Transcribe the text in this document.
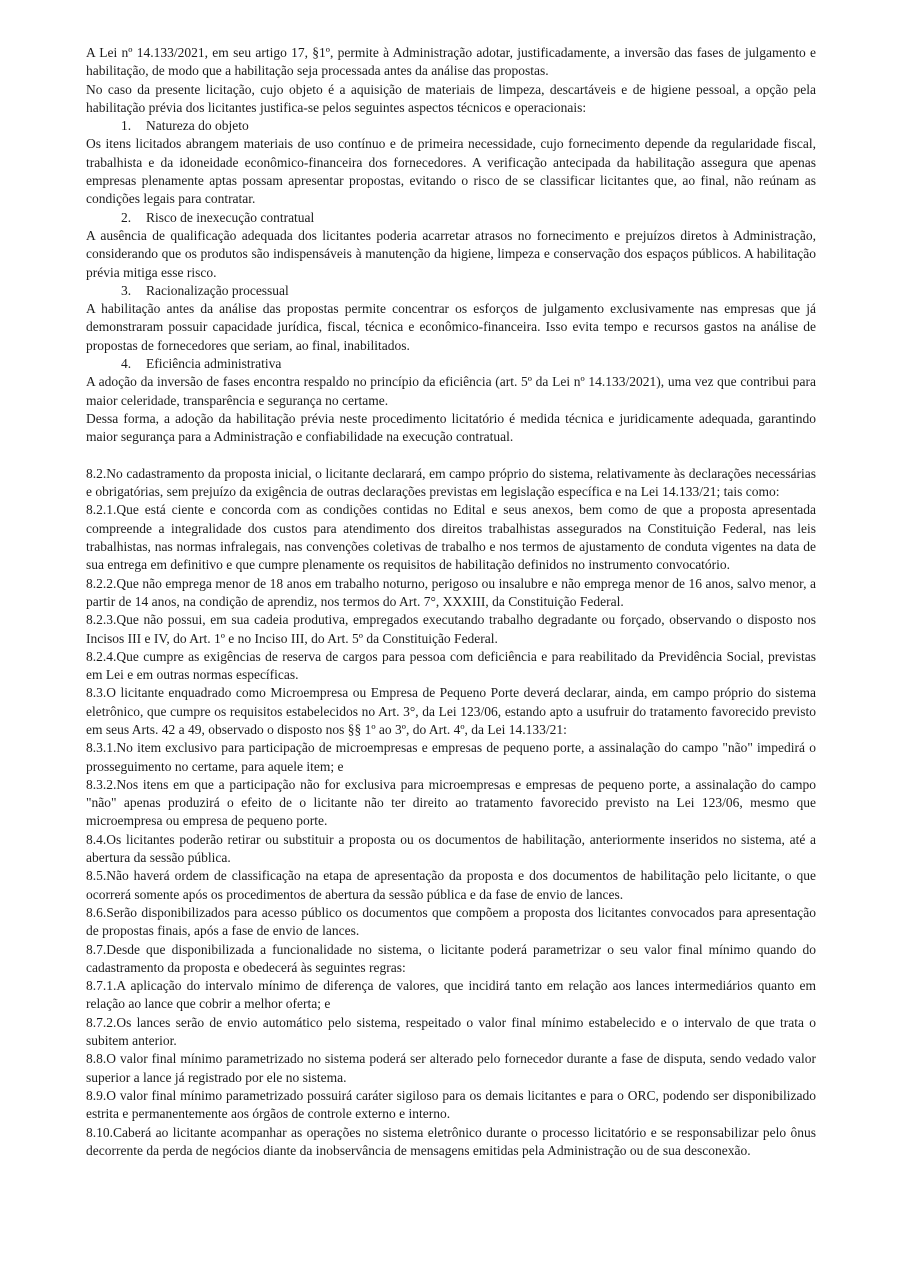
A Lei nº 14.133/2021, em seu artigo 17, §1º, permite à Administração adotar, justificadamente, a inversão das fases de julgamento e habilitação, de modo que a habilitação seja processada antes da análise das propostas.

No caso da presente licitação, cujo objeto é a aquisição de materiais de limpeza, descartáveis e de higiene pessoal, a opção pela habilitação prévia dos licitantes justifica-se pelos seguintes aspectos técnicos e operacionais:

1. Natureza do objeto

Os itens licitados abrangem materiais de uso contínuo e de primeira necessidade, cujo fornecimento depende da regularidade fiscal, trabalhista e da idoneidade econômico-financeira dos fornecedores. A verificação antecipada da habilitação assegura que apenas empresas plenamente aptas possam apresentar propostas, evitando o risco de se classificar licitantes que, ao final, não reúnam as condições legais para contratar.

2. Risco de inexecução contratual

A ausência de qualificação adequada dos licitantes poderia acarretar atrasos no fornecimento e prejuízos diretos à Administração, considerando que os produtos são indispensáveis à manutenção da higiene, limpeza e conservação dos espaços públicos. A habilitação prévia mitiga esse risco.

3. Racionalização processual

A habilitação antes da análise das propostas permite concentrar os esforços de julgamento exclusivamente nas empresas que já demonstraram possuir capacidade jurídica, fiscal, técnica e econômico-financeira. Isso evita tempo e recursos gastos na análise de propostas de fornecedores que seriam, ao final, inabilitados.

4. Eficiência administrativa

A adoção da inversão de fases encontra respaldo no princípio da eficiência (art. 5º da Lei nº 14.133/2021), uma vez que contribui para maior celeridade, transparência e segurança no certame.

Dessa forma, a adoção da habilitação prévia neste procedimento licitatório é medida técnica e juridicamente adequada, garantindo maior segurança para a Administração e confiabilidade na execução contratual.

8.2.No cadastramento da proposta inicial, o licitante declarará, em campo próprio do sistema, relativamente às declarações necessárias e obrigatórias, sem prejuízo da exigência de outras declarações previstas em legislação específica e na Lei 14.133/21; tais como:

8.2.1.Que está ciente e concorda com as condições contidas no Edital e seus anexos, bem como de que a proposta apresentada compreende a integralidade dos custos para atendimento dos direitos trabalhistas assegurados na Constituição Federal, nas leis trabalhistas, nas normas infralegais, nas convenções coletivas de trabalho e nos termos de ajustamento de conduta vigentes na data de sua entrega em definitivo e que cumpre plenamente os requisitos de habilitação definidos no instrumento convocatório.

8.2.2.Que não emprega menor de 18 anos em trabalho noturno, perigoso ou insalubre e não emprega menor de 16 anos, salvo menor, a partir de 14 anos, na condição de aprendiz, nos termos do Art. 7°, XXXIII, da Constituição Federal.

8.2.3.Que não possui, em sua cadeia produtiva, empregados executando trabalho degradante ou forçado, observando o disposto nos Incisos III e IV, do Art. 1º e no Inciso III, do Art. 5º da Constituição Federal.

8.2.4.Que cumpre as exigências de reserva de cargos para pessoa com deficiência e para reabilitado da Previdência Social, previstas em Lei e em outras normas específicas.

8.3.O licitante enquadrado como Microempresa ou Empresa de Pequeno Porte deverá declarar, ainda, em campo próprio do sistema eletrônico, que cumpre os requisitos estabelecidos no Art. 3°, da Lei 123/06, estando apto a usufruir do tratamento favorecido previsto em seus Arts. 42 a 49, observado o disposto nos §§ 1º ao 3º, do Art. 4º, da Lei 14.133/21:

8.3.1.No item exclusivo para participação de microempresas e empresas de pequeno porte, a assinalação do campo "não" impedirá o prosseguimento no certame, para aquele item; e

8.3.2.Nos itens em que a participação não for exclusiva para microempresas e empresas de pequeno porte, a assinalação do campo "não" apenas produzirá o efeito de o licitante não ter direito ao tratamento favorecido previsto na Lei 123/06, mesmo que microempresa ou empresa de pequeno porte.

8.4.Os licitantes poderão retirar ou substituir a proposta ou os documentos de habilitação, anteriormente inseridos no sistema, até a abertura da sessão pública.

8.5.Não haverá ordem de classificação na etapa de apresentação da proposta e dos documentos de habilitação pelo licitante, o que ocorrerá somente após os procedimentos de abertura da sessão pública e da fase de envio de lances.

8.6.Serão disponibilizados para acesso público os documentos que compõem a proposta dos licitantes convocados para apresentação de propostas finais, após a fase de envio de lances.

8.7.Desde que disponibilizada a funcionalidade no sistema, o licitante poderá parametrizar o seu valor final mínimo quando do cadastramento da proposta e obedecerá às seguintes regras:

8.7.1.A aplicação do intervalo mínimo de diferença de valores, que incidirá tanto em relação aos lances intermediários quanto em relação ao lance que cobrir a melhor oferta; e

8.7.2.Os lances serão de envio automático pelo sistema, respeitado o valor final mínimo estabelecido e o intervalo de que trata o subitem anterior.

8.8.O valor final mínimo parametrizado no sistema poderá ser alterado pelo fornecedor durante a fase de disputa, sendo vedado valor superior a lance já registrado por ele no sistema.

8.9.O valor final mínimo parametrizado possuirá caráter sigiloso para os demais licitantes e para o ORC, podendo ser disponibilizado estrita e permanentemente aos órgãos de controle externo e interno.

8.10.Caberá ao licitante acompanhar as operações no sistema eletrônico durante o processo licitatório e se responsabilizar pelo ônus decorrente da perda de negócios diante da inobservância de mensagens emitidas pela Administração ou de sua desconexão.
